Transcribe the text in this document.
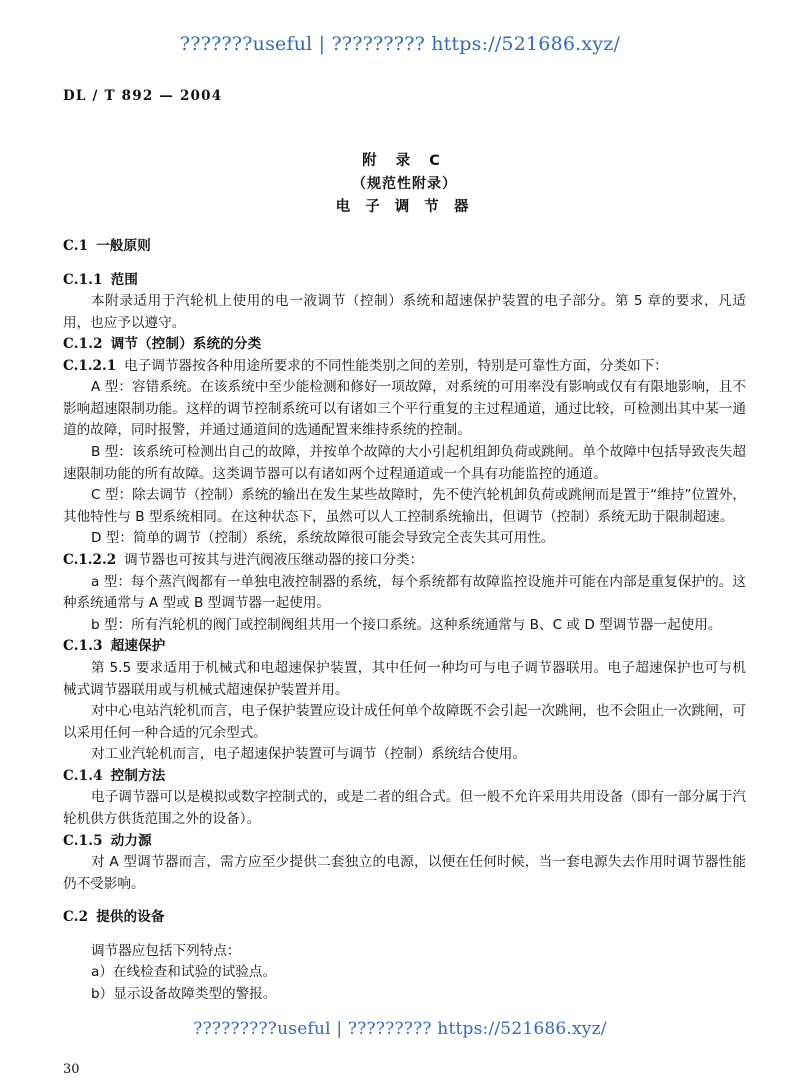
???????useful | ????????? https://521686.xyz/
DL / T 892 — 2004
附 录 C
（规范性附录）
电 子 调 节 器

C.1 一般原则

C.1.1 范围

本附录适用于汽轮机上使用的电一液调节（控制）系统和超速保护装置的电子部分。第 5 章的要求，凡适用，也应予以遵守。

C.1.2 调节（控制）系统的分类

C.1.2.1 电子调节器按各种用途所要求的不同性能类别之间的差别，特别是可靠性方面，分类如下：

A 型：容错系统。在该系统中至少能检测和修好一项故障，对系统的可用率没有影响或仅有有限地影响，且不影响超速限制功能。这样的调节控制系统可以有诸如三个平行重复的主过程通道，通过比较，可检测出其中某一通道的故障，同时报警，并通过通道间的选通配置来维持系统的控制。

B 型：该系统可检测出自己的故障，并按单个故障的大小引起机组卸负荷或跳闸。单个故障中包括导致丧失超速限制功能的所有故障。这类调节器可以有诸如两个过程通道或一个具有功能监控的通道。

C 型：除去调节（控制）系统的输出在发生某些故障时，先不使汽轮机卸负荷或跳闸而是置于“维持”位置外，其他特性与 B 型系统相同。在这种状态下，虽然可以人工控制系统输出，但调节（控制）系统无助于限制超速。

D 型：简单的调节（控制）系统，系统故障很可能会导致完全丧失其可用性。

C.1.2.2 调节器也可按其与进汽阀液压继动器的接口分类：

a 型：每个蒸汽阀都有一单独电液控制器的系统，每个系统都有故障监控设施并可能在内部是重复保护的。这种系统通常与 A 型或 B 型调节器一起使用。

b 型：所有汽轮机的阀门或控制阀组共用一个接口系统。这种系统通常与 B、C 或 D 型调节器一起使用。

C.1.3 超速保护

第 5.5 要求适用于机械式和电超速保护装置，其中任何一种均可与电子调节器联用。电子超速保护也可与机械式调节器联用或与机械式超速保护装置并用。

对中心电站汽轮机而言，电子保护装置应设计成任何单个故障既不会引起一次跳闸，也不会阻止一次跳闸，可以采用任何一种合适的冗余型式。

对工业汽轮机而言，电子超速保护装置可与调节（控制）系统结合使用。

C.1.4 控制方法

电子调节器可以是模拟或数字控制式的，或是二者的组合式。但一般不允许采用共用设备（即有一部分属于汽轮机供方供货范围之外的设备）。

C.1.5 动力源

对 A 型调节器而言，需方应至少提供二套独立的电源，以便在任何时候，当一套电源失去作用时调节器性能仍不受影响。

C.2 提供的设备

调节器应包括下列特点：

a）在线检查和试验的试验点。

b）显示设备故障类型的警报。

?????????useful | ????????? https://521686.xyz/
30
